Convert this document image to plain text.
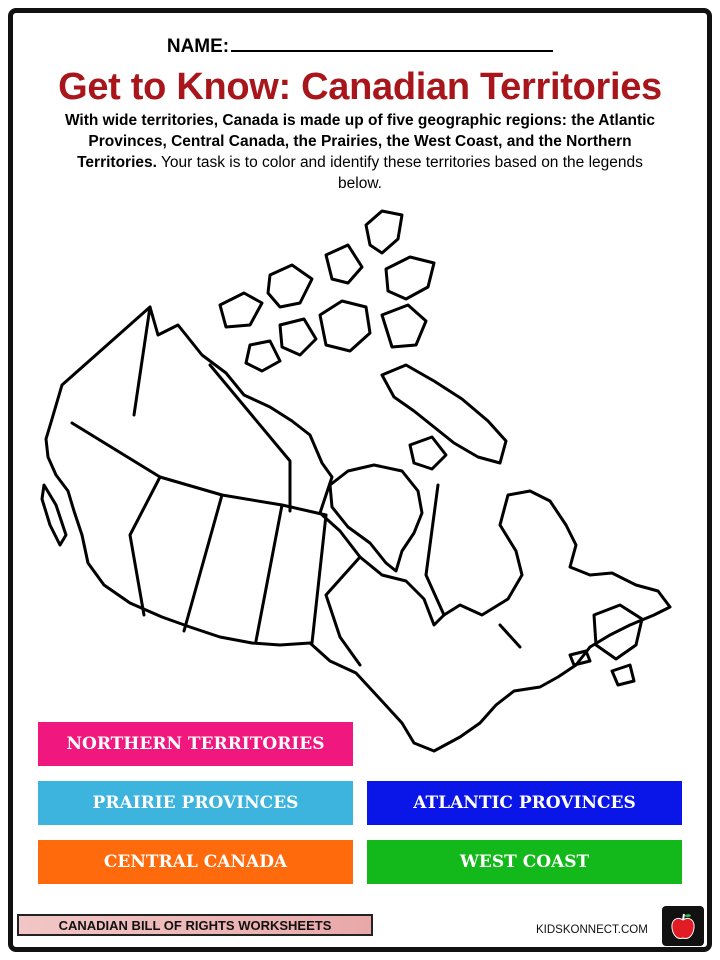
NAME:
Get to Know: Canadian Territories
With wide territories, Canada is made up of five geographic regions: the Atlantic Provinces, Central Canada, the Prairies, the West Coast, and the Northern Territories. Your task is to color and identify these territories based on the legends below.
NORTHERN TERRITORIES
PRAIRIE PROVINCES	ATLANTIC PROVINCES
CENTRAL CANADA	WEST COAST
CANADIAN BILL OF RIGHTS WORKSHEETS	KIDSKONNECT.COM
